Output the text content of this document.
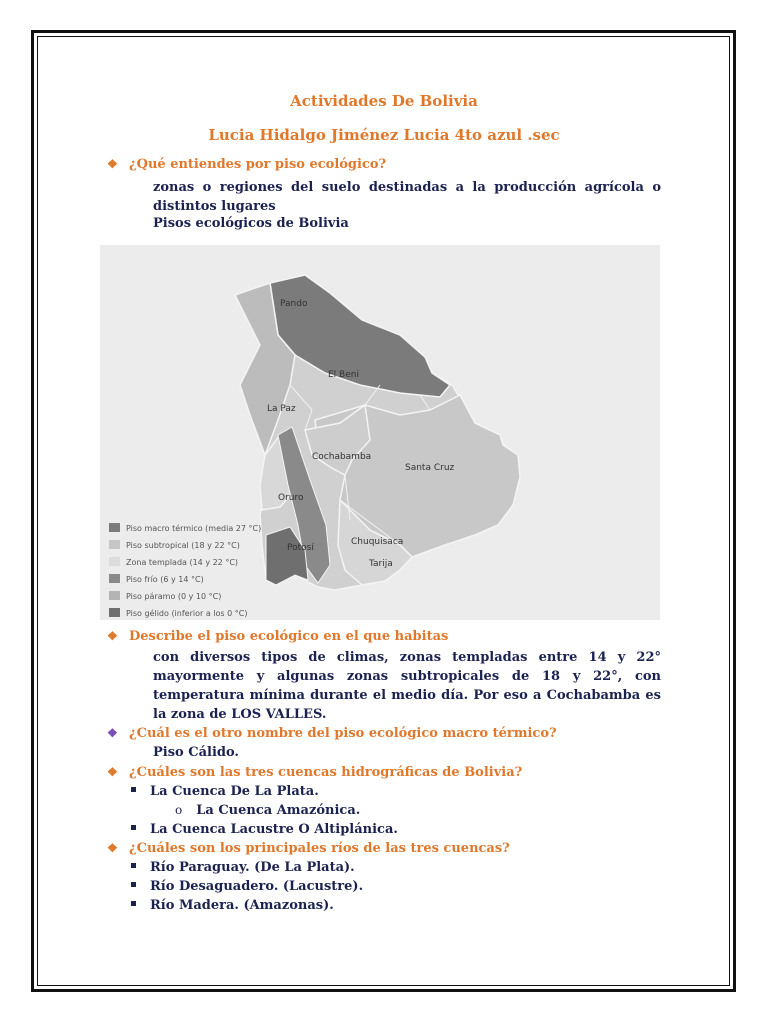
Actividades De Bolivia
Lucia Hidalgo Jiménez Lucia 4to azul .sec
❖ ¿Qué entiendes por piso ecológico?
zonas o regiones del suelo destinadas a la producción agrícola o distintos lugares
Pisos ecológicos de Bolivia
Pando
El Beni
La Paz
Cochabamba
Santa Cruz
Oruro
Potosí
Chuquisaca
Tarija
Piso macro térmico (media 27 °C)
Piso subtropical (18 y 22 °C)
Zona templada (14 y 22 °C)
Piso frío (6 y 14 °C)
Piso páramo (0 y 10 °C)
Piso gélido (inferior a los 0 °C)
❖ Describe el piso ecológico en el que habitas
con diversos tipos de climas, zonas templadas entre 14 y 22° mayormente y algunas zonas subtropicales de 18 y 22°, con temperatura mínima durante el medio día. Por eso a Cochabamba es la zona de LOS VALLES.
❖ ¿Cuál es el otro nombre del piso ecológico macro térmico?
Piso Cálido.
❖ ¿Cuáles son las tres cuencas hidrográficas de Bolivia?
La Cuenca De La Plata.
o La Cuenca Amazónica.
La Cuenca Lacustre O Altiplánica.
❖ ¿Cuáles son los principales ríos de las tres cuencas?
Río Paraguay. (De La Plata).
Río Desaguadero. (Lacustre).
Río Madera. (Amazonas).
